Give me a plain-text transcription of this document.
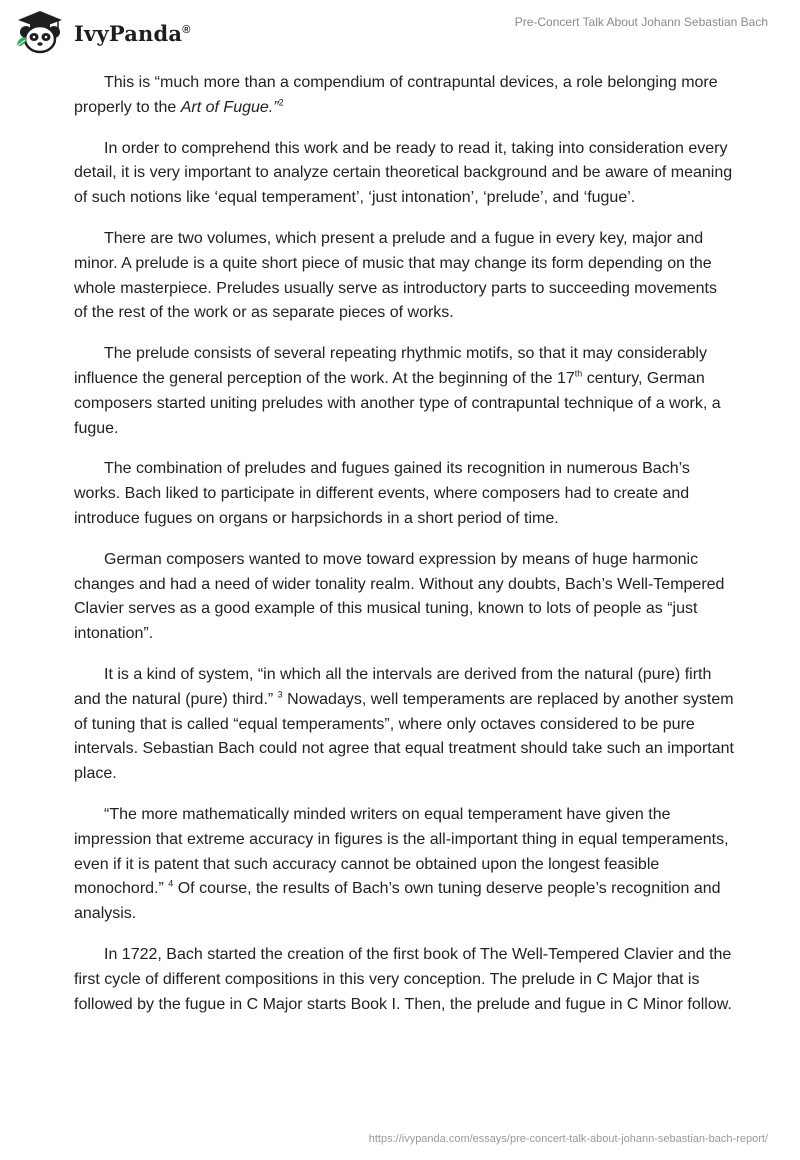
IvyPanda®
Pre-Concert Talk About Johann Sebastian Bach

This is “much more than a compendium of contrapuntal devices, a role belonging more properly to the Art of Fugue.”$^2$

In order to comprehend this work and be ready to read it, taking into consideration every detail, it is very important to analyze certain theoretical background and be aware of meaning of such notions like ‘equal temperament’, ‘just intonation’, ‘prelude’, and ‘fugue’.

There are two volumes, which present a prelude and a fugue in every key, major and minor. A prelude is a quite short piece of music that may change its form depending on the whole masterpiece. Preludes usually serve as introductory parts to succeeding movements of the rest of the work or as separate pieces of works.

The prelude consists of several repeating rhythmic motifs, so that it may considerably influence the general perception of the work. At the beginning of the 17th century, German composers started uniting preludes with another type of contrapuntal technique of a work, a fugue.

The combination of preludes and fugues gained its recognition in numerous Bach’s works. Bach liked to participate in different events, where composers had to create and introduce fugues on organs or harpsichords in a short period of time.

German composers wanted to move toward expression by means of huge harmonic changes and had a need of wider tonality realm. Without any doubts, Bach’s Well-Tempered Clavier serves as a good example of this musical tuning, known to lots of people as “just intonation”.

It is a kind of system, “in which all the intervals are derived from the natural (pure) firth and the natural (pure) third.” $^3$ Nowadays, well temperaments are replaced by another system of tuning that is called “equal temperaments”, where only octaves considered to be pure intervals. Sebastian Bach could not agree that equal treatment should take such an important place.

“The more mathematically minded writers on equal temperament have given the impression that extreme accuracy in figures is the all-important thing in equal temperaments, even if it is patent that such accuracy cannot be obtained upon the longest feasible monochord.” $^4$ Of course, the results of Bach’s own tuning deserve people’s recognition and analysis.

In 1722, Bach started the creation of the first book of The Well-Tempered Clavier and the first cycle of different compositions in this very conception. The prelude in C Major that is followed by the fugue in C Major starts Book I. Then, the prelude and fugue in C Minor follow.

https://ivypanda.com/essays/pre-concert-talk-about-johann-sebastian-bach-report/
